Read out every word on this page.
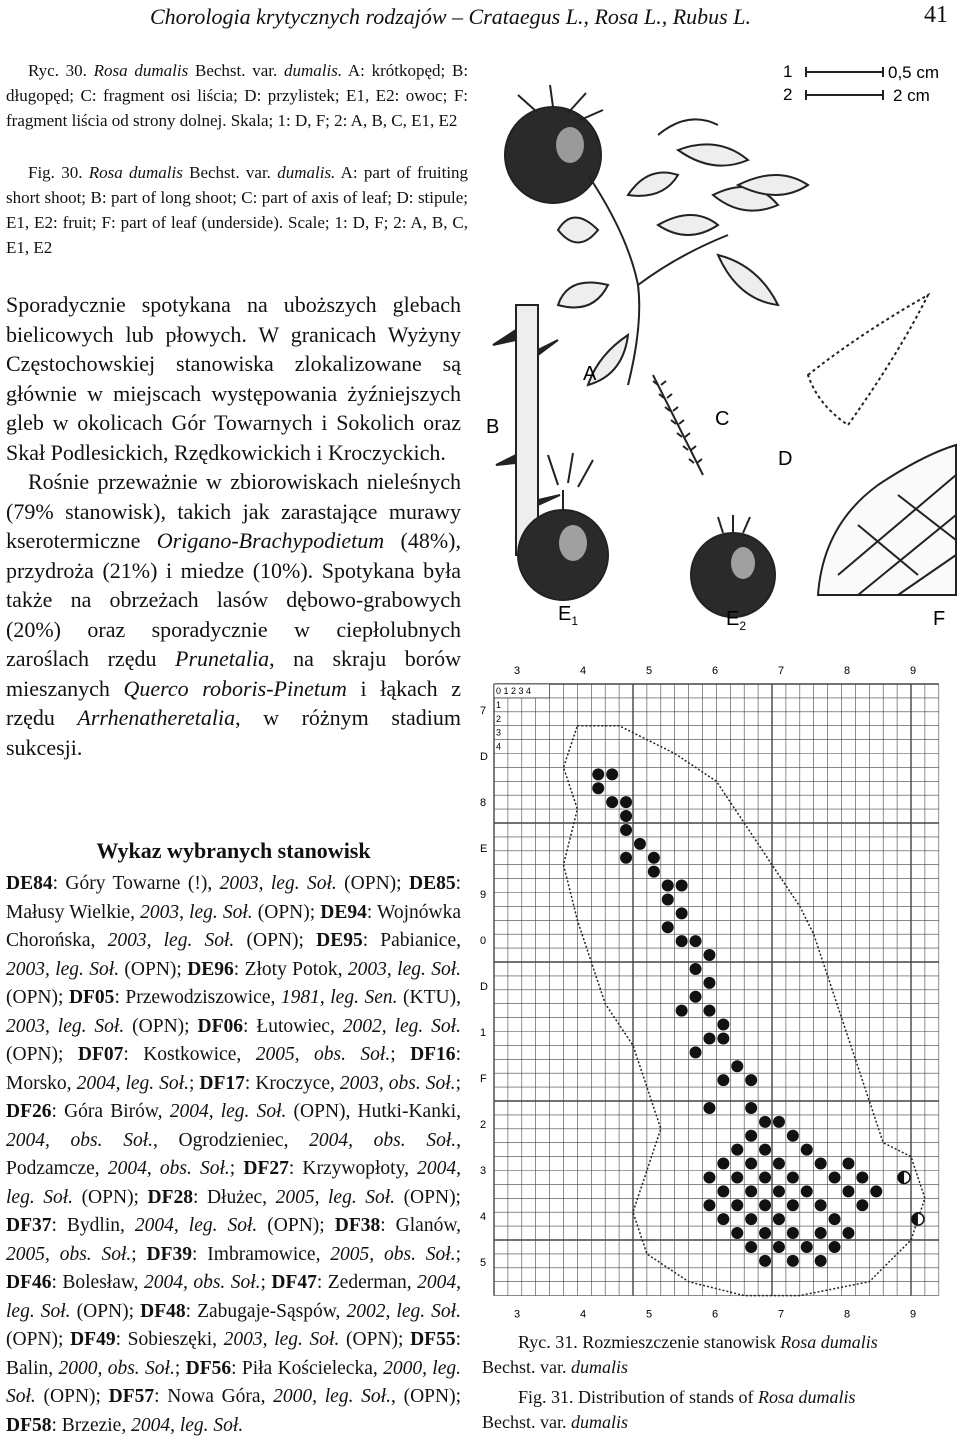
Chorologia krytycznych rodzajów – Crataegus L., Rosa L., Rubus L.	41

Ryc. 30. Rosa dumalis Bechst. var. dumalis. A: krótkopęd; B: długopęd; C: fragment osi liścia; D: przylistek; E1, E2: owoc; F: fragment liścia od strony dolnej. Skala; 1: D, F; 2: A, B, C, E1, E2

Fig. 30. Rosa dumalis Bechst. var. dumalis. A: part of fruiting short shoot; B: part of long shoot; C: part of axis of leaf; D: stipule; E1, E2: fruit; F: part of leaf (underside). Scale; 1: D, F; 2: A, B, C, E1, E2

1	0,5 cm
2	2 cm
A
B	C
D
F
$E_1$	$E_2$

Sporadycznie spotykana na uboższych glebach bielicowych lub płowych. W granicach Wyżyny Częstochowskiej stanowiska zlokalizowane są głównie w miejscach występowania żyźniejszych gleb w okolicach Gór Towarnych i Sokolich oraz Skał Podlesickich, Rzędkowickich i Kroczyckich.

Rośnie przeważnie w zbiorowiskach nieleśnych (79% stanowisk), takich jak zarastające murawy kserotermiczne Origano-Brachypodietum (48%), przydroża (21%) i miedze (10%). Spotykana była także na obrzeżach lasów dębowo-grabowych (20%) oraz sporadycznie w ciepłolubnych zaroślach rzędu Prunetalia, na skraju borów mieszanych Querco roboris-Pinetum i łąkach z rzędu Arrhenatheretalia, w różnym stadium sukcesji.

Wykaz wybranych stanowisk

DE84: Góry Towarne (!), 2003, leg. Soł. (OPN); DE85: Małusy Wielkie, 2003, leg. Soł. (OPN); DE94: Wojnówka Chorońska, 2003, leg. Soł. (OPN); DE95: Pabianice, 2003, leg. Soł. (OPN); DE96: Złoty Potok, 2003, leg. Soł. (OPN); DF05: Przewodziszowice, 1981, leg. Sen. (KTU), 2003, leg. Soł. (OPN); DF06: Łutowiec, 2002, leg. Soł. (OPN); DF07: Kostkowice, 2005, obs. Soł.; DF16: Morsko, 2004, leg. Soł.; DF17: Kroczyce, 2003, obs. Soł.; DF26: Góra Birów, 2004, leg. Soł. (OPN), Hutki-Kanki, 2004, obs. Soł., Ogrodzieniec, 2004, obs. Soł., Podzamcze, 2004, obs. Soł.; DF27: Krzywopłoty, 2004, leg. Soł. (OPN); DF28: Dłużec, 2005, leg. Soł. (OPN); DF37: Bydlin, 2004, leg. Soł. (OPN); DF38: Glanów, 2005, obs. Soł.; DF39: Imbramowice, 2005, obs. Soł.; DF46: Bolesław, 2004, obs. Soł.; DF47: Zederman, 2004, leg. Soł. (OPN); DF48: Zabugaje-Sąspów, 2002, leg. Soł. (OPN); DF49: Sobieszęki, 2003, leg. Soł. (OPN); DF55: Balin, 2000, obs. Soł.; DF56: Piła Kościelecka, 2000, leg. Soł. (OPN); DF57: Nowa Góra, 2000, leg. Soł., (OPN); DF58: Brzezie, 2004, leg. Soł.

0 1 2 3 4
1
2
3
4
3	4	5	6	7	8	9
3	4	5	6	7	8	9
7
D
8
E
9
0
D
1
F
2
3
4
5

Ryc. 31. Rozmieszczenie stanowisk Rosa dumalis
Bechst. var. dumalis

Fig. 31. Distribution of stands of Rosa dumalis
Bechst. var. dumalis
